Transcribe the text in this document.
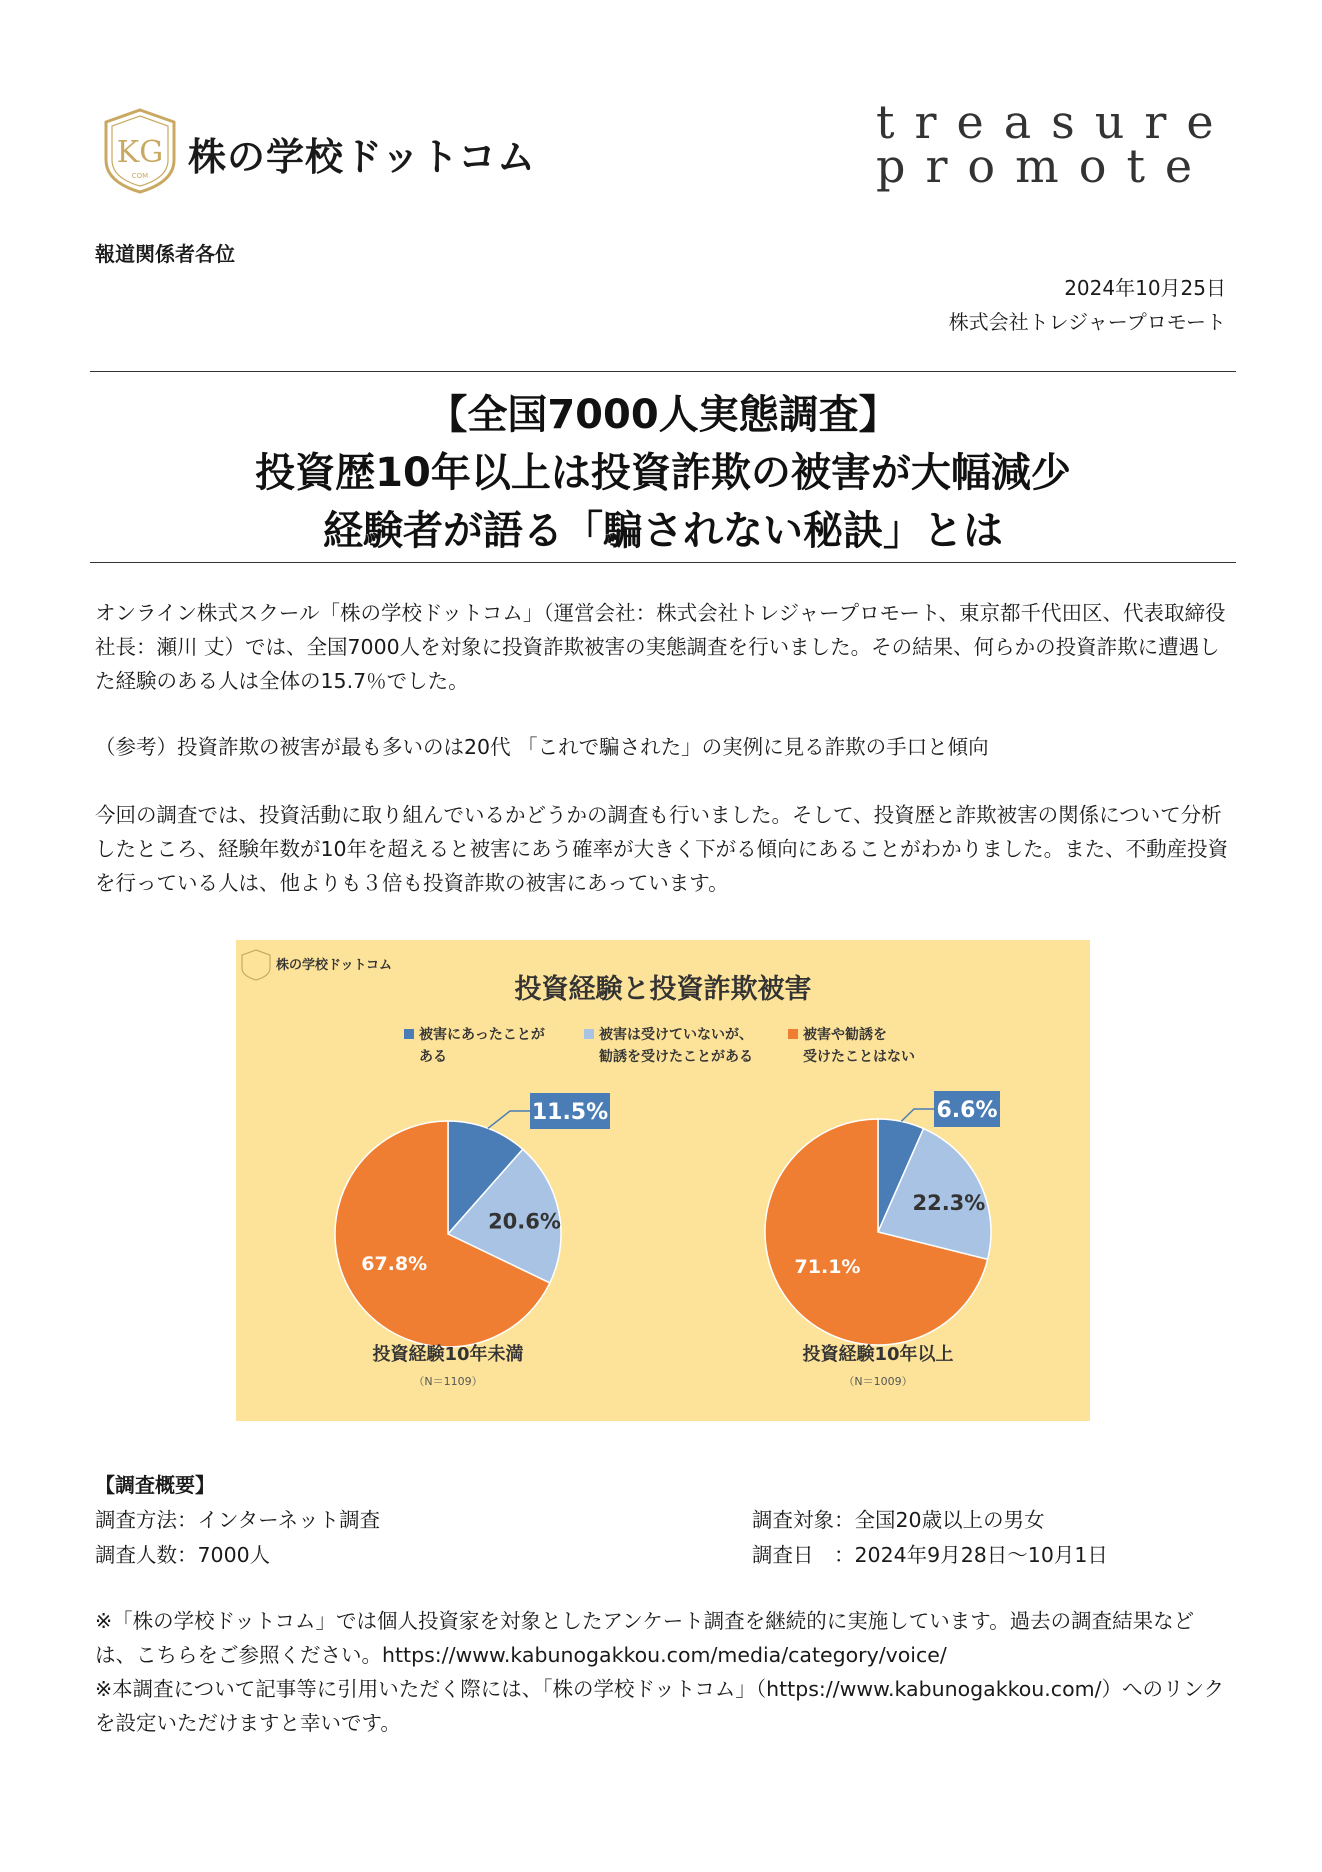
KG
COM 株の学校ドットコム
treasure
promote
報道関係者各位
2024年10月25日
株式会社トレジャープロモート
【全国7000人実態調査】
投資歴10年以上は投資詐欺の被害が大幅減少
経験者が語る「騙されない秘訣」とは
オンライン株式スクール「株の学校ドットコム」（運営会社：株式会社トレジャープロモート、東京都千代田区、代表取締役社長：瀬川 丈）では、全国7000人を対象に投資詐欺被害の実態調査を行いました。その結果、何らかの投資詐欺に遭遇した経験のある人は全体の15.7％でした。
（参考）投資詐欺の被害が最も多いのは20代 「これで騙された」の実例に見る詐欺の手口と傾向
今回の調査では、投資活動に取り組んでいるかどうかの調査も行いました。そして、投資歴と詐欺被害の関係について分析したところ、経験年数が10年を超えると被害にあう確率が大きく下がる傾向にあることがわかりました。また、不動産投資を行っている人は、他よりも３倍も投資詐欺の被害にあっています。
株の学校ドットコム
投資経験と投資詐欺被害
被害にあったことが
ある
被害は受けていないが、
勧誘を受けたことがある
被害や勧誘を
受けたことはない
11.5%
20.6%
67.8%
投資経験10年未満
（N＝1109）
6.6%
22.3%
71.1%
投資経験10年以上
（N＝1009）
【調査概要】
調査方法：インターネット調査
調査人数：7000人
調査対象：全国20歳以上の男女
調査日　：2024年9月28日～10月1日
※「株の学校ドットコム」では個人投資家を対象としたアンケート調査を継続的に実施しています。過去の調査結果などは、こちらをご参照ください。https://www.kabunogakkou.com/media/category/voice/
※本調査について記事等に引用いただく際には、「株の学校ドットコム」（https://www.kabunogakkou.com/）へのリンクを設定いただけますと幸いです。
